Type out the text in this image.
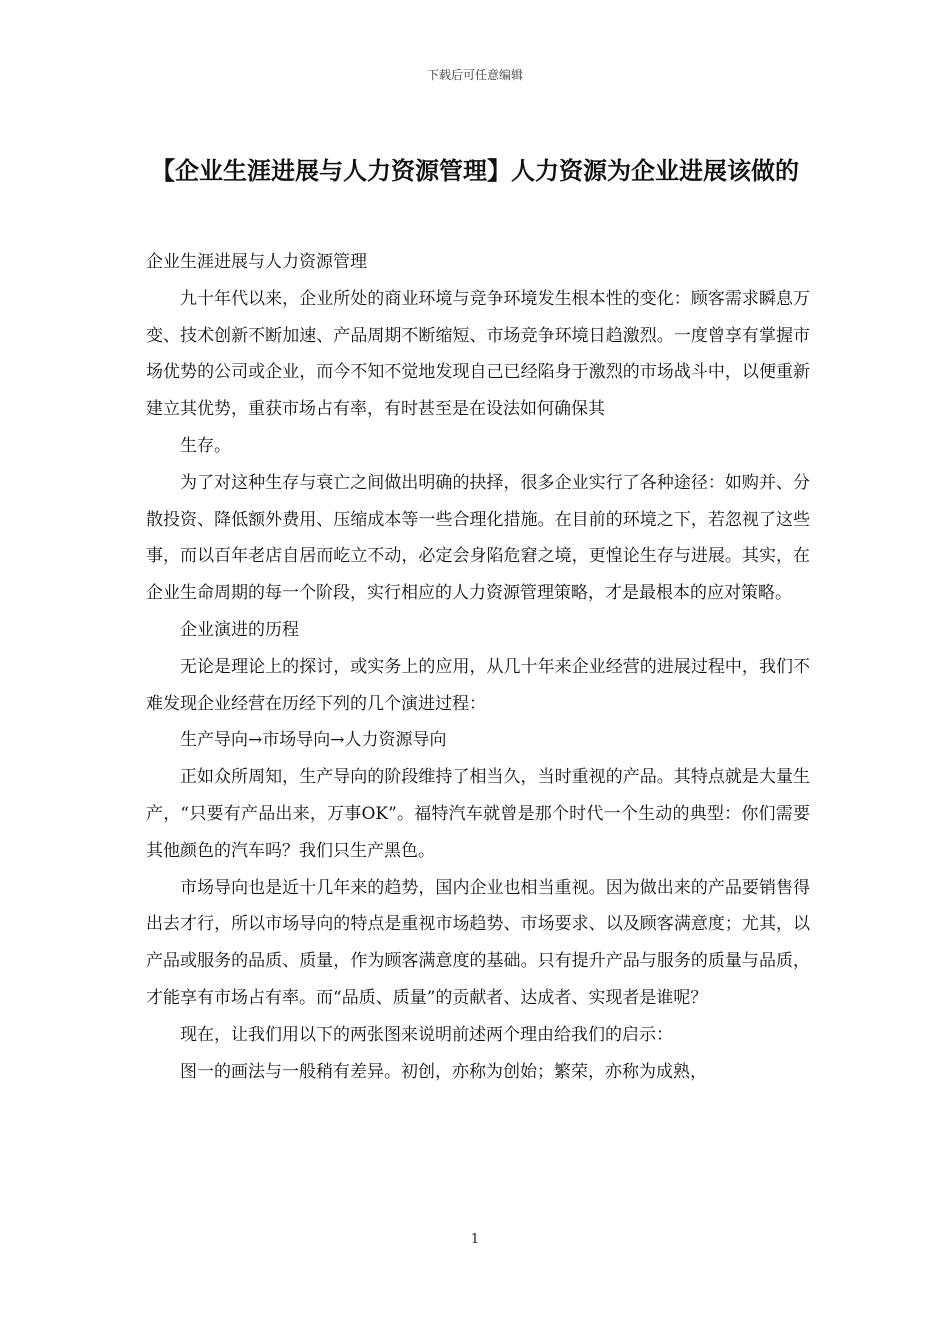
下载后可任意编辑
【企业生涯进展与人力资源管理】人力资源为企业进展该做的

企业生涯进展与人力资源管理

九十年代以来，企业所处的商业环境与竞争环境发生根本性的变化：顾客需求瞬息万变、技术创新不断加速、产品周期不断缩短、市场竞争环境日趋激烈。一度曾享有掌握市场优势的公司或企业，而今不知不觉地发现自己已经陷身于激烈的市场战斗中，以便重新建立其优势，重获市场占有率，有时甚至是在设法如何确保其

生存。

为了对这种生存与衰亡之间做出明确的抉择，很多企业实行了各种途径：如购并、分散投资、降低额外费用、压缩成本等一些合理化措施。在目前的环境之下，若忽视了这些事，而以百年老店自居而屹立不动，必定会身陷危窘之境，更惶论生存与进展。其实，在企业生命周期的每一个阶段，实行相应的人力资源管理策略，才是最根本的应对策略。

企业演进的历程

无论是理论上的探讨，或实务上的应用，从几十年来企业经营的进展过程中，我们不难发现企业经营在历经下列的几个演进过程：

生产导向→市场导向→人力资源导向

正如众所周知，生产导向的阶段维持了相当久，当时重视的产品。其特点就是大量生产，“只要有产品出来，万事OK”。福特汽车就曾是那个时代一个生动的典型：你们需要其他颜色的汽车吗？我们只生产黑色。

市场导向也是近十几年来的趋势，国内企业也相当重视。因为做出来的产品要销售得出去才行，所以市场导向的特点是重视市场趋势、市场要求、以及顾客满意度；尤其，以产品或服务的品质、质量，作为顾客满意度的基础。只有提升产品与服务的质量与品质，才能享有市场占有率。而“品质、质量”的贡献者、达成者、实现者是谁呢？

现在，让我们用以下的两张图来说明前述两个理由给我们的启示：

图一的画法与一般稍有差异。初创，亦称为创始；繁荣，亦称为成熟，

1
